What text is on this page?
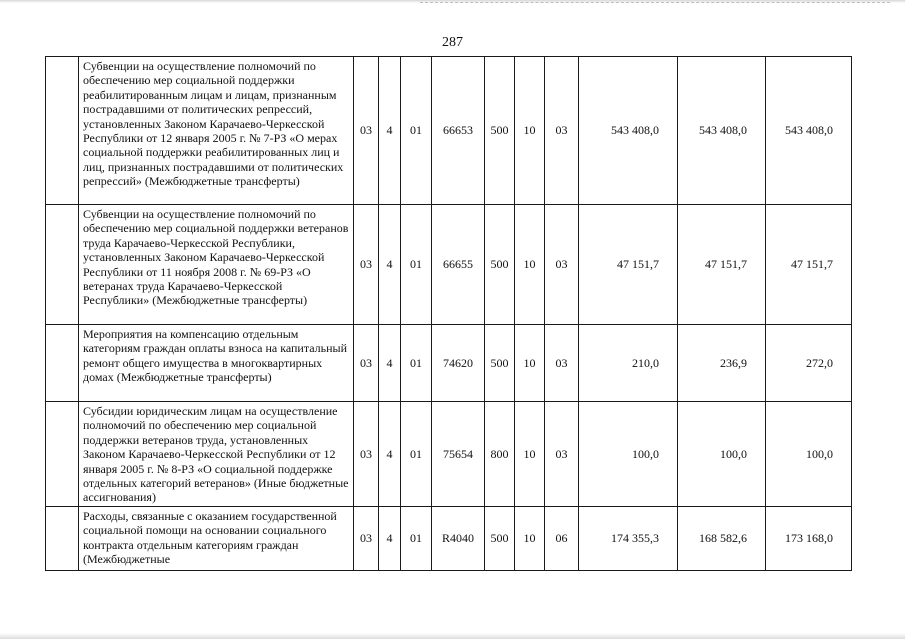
287
	Субвенции на осуществление полномочий по обеспечению мер социальной поддержки реабилитированным лицам и лицам, признанным пострадавшими от политических репрессий, установленных Законом Карачаево-Черкесской Республики от 12 января 2005 г. № 7-РЗ «О мерах социальной поддержки реабилитированных лиц и лиц, признанных пострадавшими от политических репрессий» (Межбюджетные трансферты)	03	4	01	66653	500	10	03	543 408,0	543 408,0	543 408,0
	Субвенции на осуществление полномочий по обеспечению мер социальной поддержки ветеранов труда Карачаево-Черкесской Республики, установленных Законом Карачаево-Черкесской Республики от 11 ноября 2008 г. № 69-РЗ «О ветеранах труда Карачаево-Черкесской Республики» (Межбюджетные трансферты)	03	4	01	66655	500	10	03	47 151,7	47 151,7	47 151,7
	Мероприятия на компенсацию отдельным категориям граждан оплаты взноса на капитальный ремонт общего имущества в многоквартирных домах (Межбюджетные трансферты)	03	4	01	74620	500	10	03	210,0	236,9	272,0
	Субсидии юридическим лицам на осуществление полномочий по обеспечению мер социальной поддержки ветеранов труда, установленных Законом Карачаево-Черкесской Республики от 12 января 2005 г. № 8-РЗ «О социальной поддержке отдельных категорий ветеранов» (Иные бюджетные ассигнования)	03	4	01	75654	800	10	03	100,0	100,0	100,0

	Расходы, связанные с оказанием государственной социальной помощи на основании социального контракта отдельным категориям граждан (Межбюджетные	03	4	01	R4040	500	10	06	174 355,3	168 582,6	173 168,0
